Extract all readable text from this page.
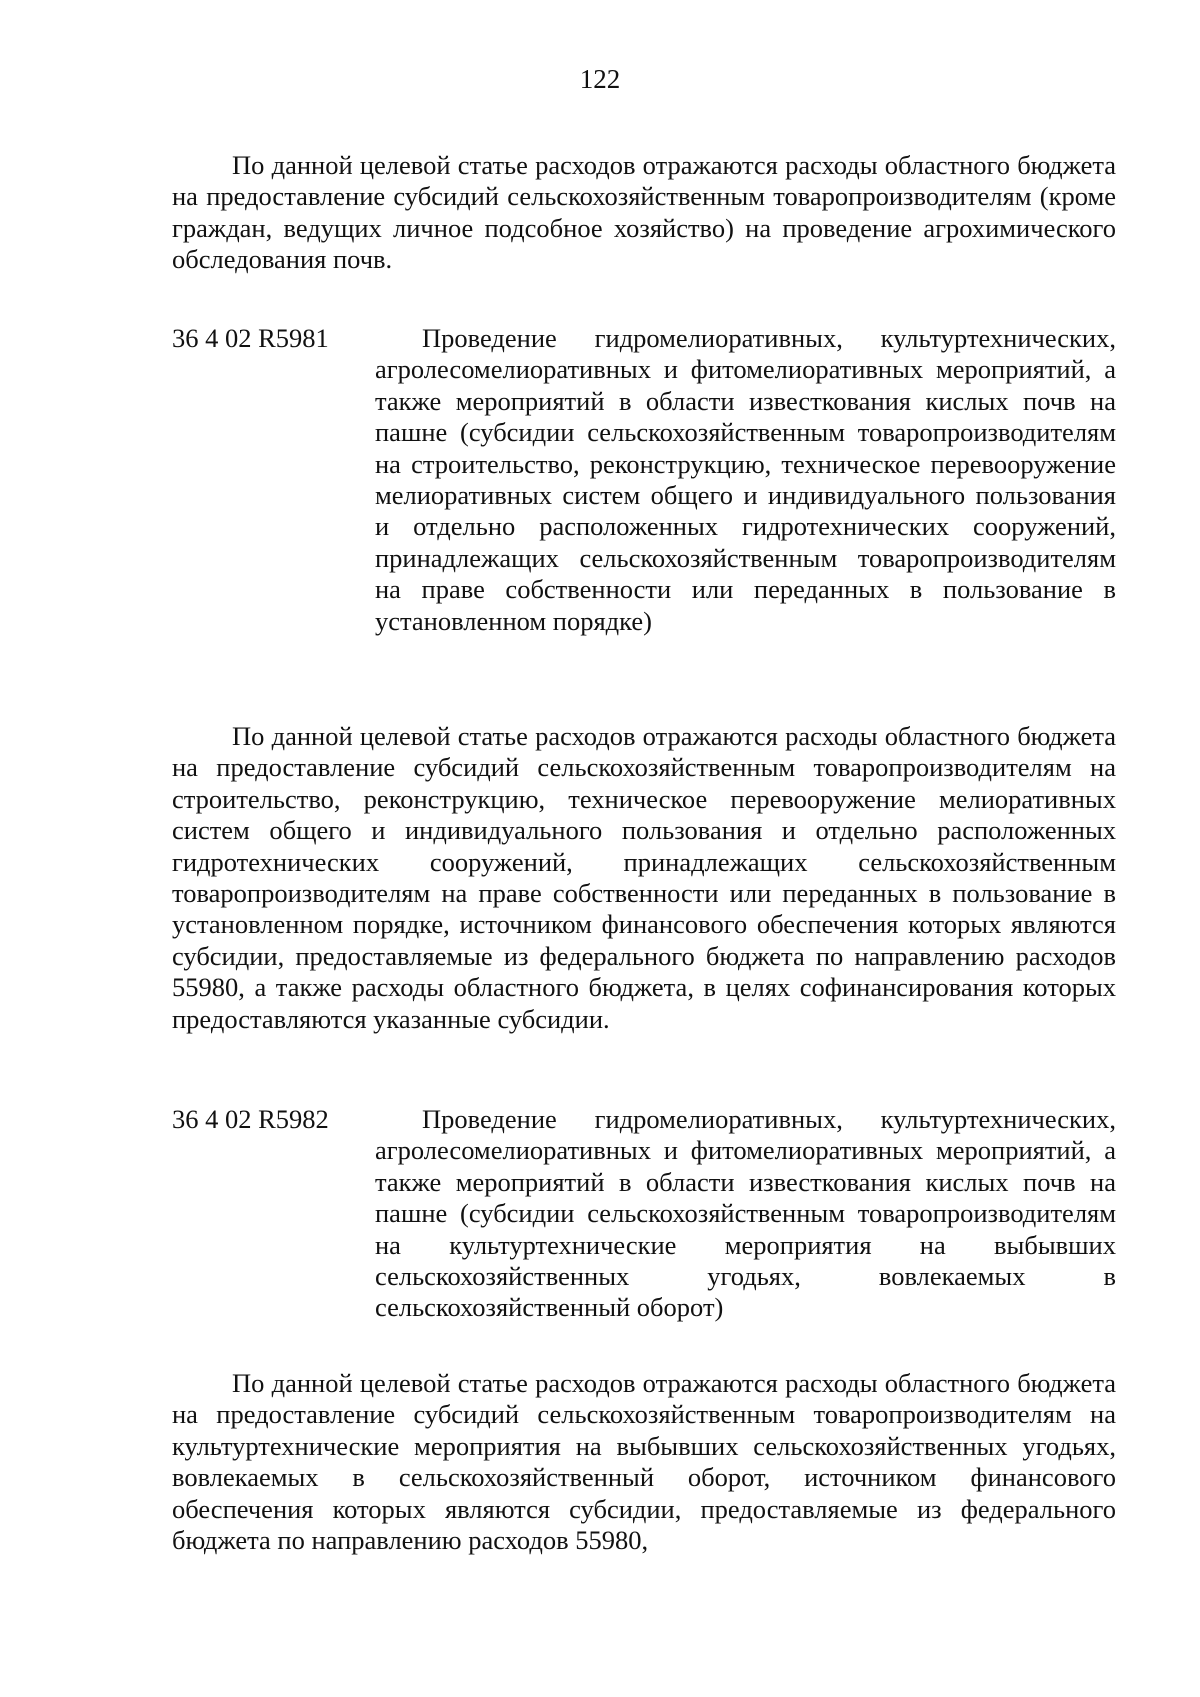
122

По данной целевой статье расходов отражаются расходы областного бюджета на предоставление субсидий сельскохозяйственным товаропроизводителям (кроме граждан, ведущих личное подсобное хозяйство) на проведение агрохимического обследования почв.

36 4 02 R5981	Проведение гидромелиоративных, культуртехнических, агролесомелиоративных и фитомелиоративных мероприятий, а также мероприятий в области известкования кислых почв на пашне (субсидии сельскохозяйственным товаропроизводителям на строительство, реконструкцию, техническое перевооружение мелиоративных систем общего и индивидуального пользования и отдельно расположенных гидротехнических сооружений, принадлежащих сельскохозяйственным товаропроизводителям на праве собственности или переданных в пользование в установленном порядке)

По данной целевой статье расходов отражаются расходы областного бюджета на предоставление субсидий сельскохозяйственным товаропроизводителям на строительство, реконструкцию, техническое перевооружение мелиоративных систем общего и индивидуального пользования и отдельно расположенных гидротехнических сооружений, принадлежащих сельскохозяйственным товаропроизводителям на праве собственности или переданных в пользование в установленном порядке, источником финансового обеспечения которых являются субсидии, предоставляемые из федерального бюджета по направлению расходов 55980, а также расходы областного бюджета, в целях софинансирования которых предоставляются указанные субсидии.

36 4 02 R5982	Проведение гидромелиоративных, культуртехнических, агролесомелиоративных и фитомелиоративных мероприятий, а также мероприятий в области известкования кислых почв на пашне (субсидии сельскохозяйственным товаропроизводителям на культуртехнические мероприятия на выбывших сельскохозяйственных угодьях, вовлекаемых в сельскохозяйственный оборот)

По данной целевой статье расходов отражаются расходы областного бюджета на предоставление субсидий сельскохозяйственным товаропроизводителям на культуртехнические мероприятия на выбывших сельскохозяйственных угодьях, вовлекаемых в сельскохозяйственный оборот, источником финансового обеспечения которых являются субсидии, предоставляемые из федерального бюджета по направлению расходов 55980,
